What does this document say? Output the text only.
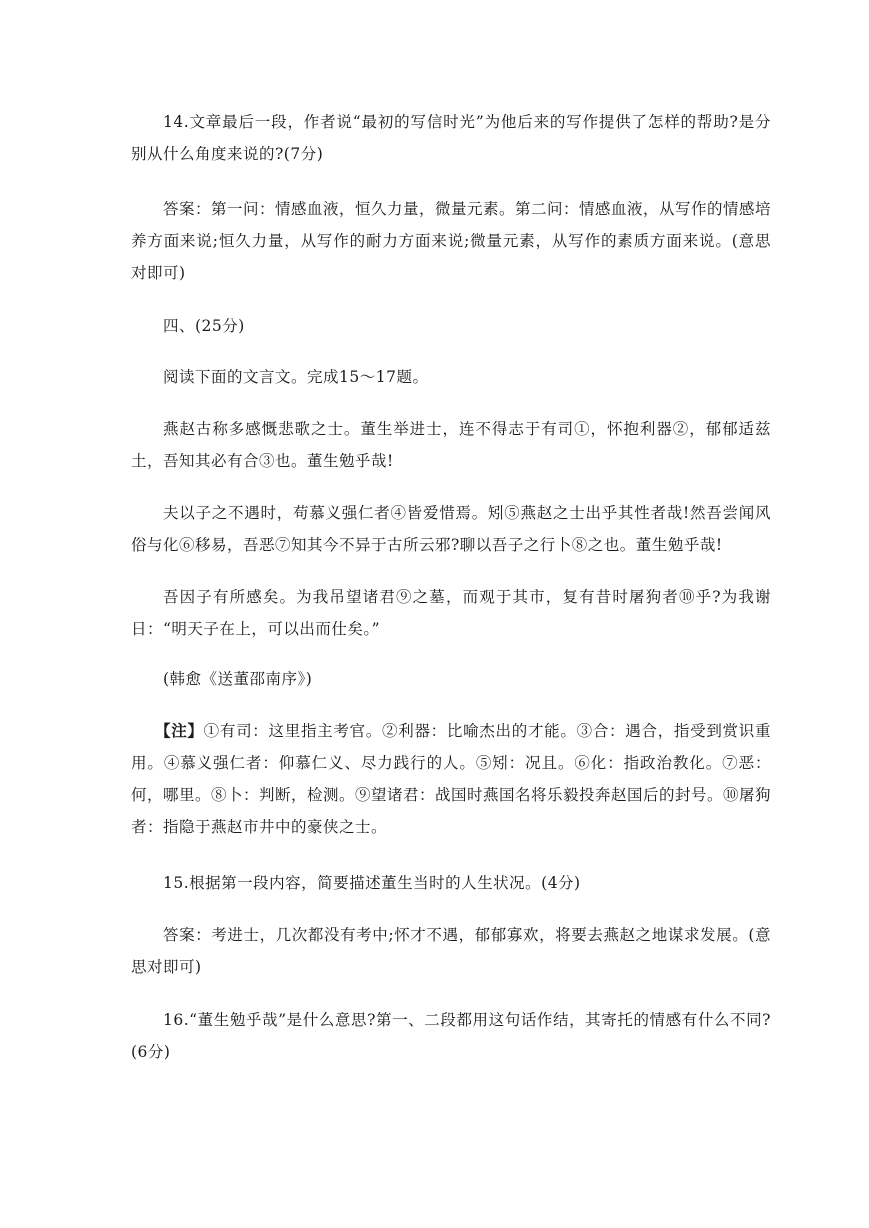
14.文章最后一段，作者说“最初的写信时光”为他后来的写作提供了怎样的帮助?是分别从什么角度来说的?(7分)

答案：第一问：情感血液，恒久力量，微量元素。第二问：情感血液，从写作的情感培养方面来说;恒久力量，从写作的耐力方面来说;微量元素，从写作的素质方面来说。(意思对即可)

四、(25分)

阅读下面的文言文。完成15～17题。

燕赵古称多感慨悲歌之士。董生举进士，连不得志于有司①，怀抱利器②，郁郁适兹土，吾知其必有合③也。董生勉乎哉!

夫以子之不遇时，苟慕义强仁者④皆爱惜焉。矧⑤燕赵之士出乎其性者哉!然吾尝闻风俗与化⑥移易，吾恶⑦知其今不异于古所云邪?聊以吾子之行卜⑧之也。董生勉乎哉!

吾因子有所感矣。为我吊望诸君⑨之墓，而观于其市，复有昔时屠狗者⑩乎?为我谢日：“明天子在上，可以出而仕矣。”

(韩愈《送董邵南序》)

【注】①有司：这里指主考官。②利器：比喻杰出的才能。③合：遇合，指受到赏识重用。④慕义强仁者：仰慕仁义、尽力践行的人。⑤矧：况且。⑥化：指政治教化。⑦恶：何，哪里。⑧卜：判断，检测。⑨望诸君：战国时燕国名将乐毅投奔赵国后的封号。⑩屠狗者：指隐于燕赵市井中的豪侠之士。

15.根据第一段内容，简要描述董生当时的人生状况。(4分)

答案：考进士，几次都没有考中;怀才不遇，郁郁寡欢，将要去燕赵之地谋求发展。(意思对即可)

16.“董生勉乎哉”是什么意思?第一、二段都用这句话作结，其寄托的情感有什么不同?(6分)
